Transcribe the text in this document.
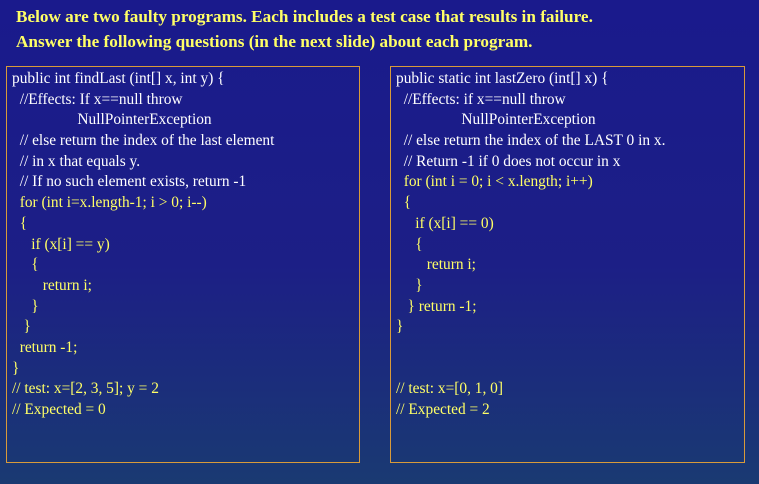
Below are two faulty programs. Each includes a test case that results in failure.
Answer the following questions (in the next slide) about each program.
public int findLast (int[] x, int y) {
//Effects: If x==null throw
NullPointerException
// else return the index of the last element
// in x that equals y.
// If no such element exists, return -1
for (int i=x.length-1; i > 0; i--)
{
if (x[i] == y)
{
return i;
}
}
return -1;
}
// test: x=[2, 3, 5]; y = 2
// Expected = 0
public static int lastZero (int[] x) {
//Effects: if x==null throw
NullPointerException
// else return the index of the LAST 0 in x.
// Return -1 if 0 does not occur in x
for (int i = 0; i < x.length; i++)
{
if (x[i] == 0)
{
return i;
}
} return -1;
}
// test: x=[0, 1, 0]
// Expected = 2
